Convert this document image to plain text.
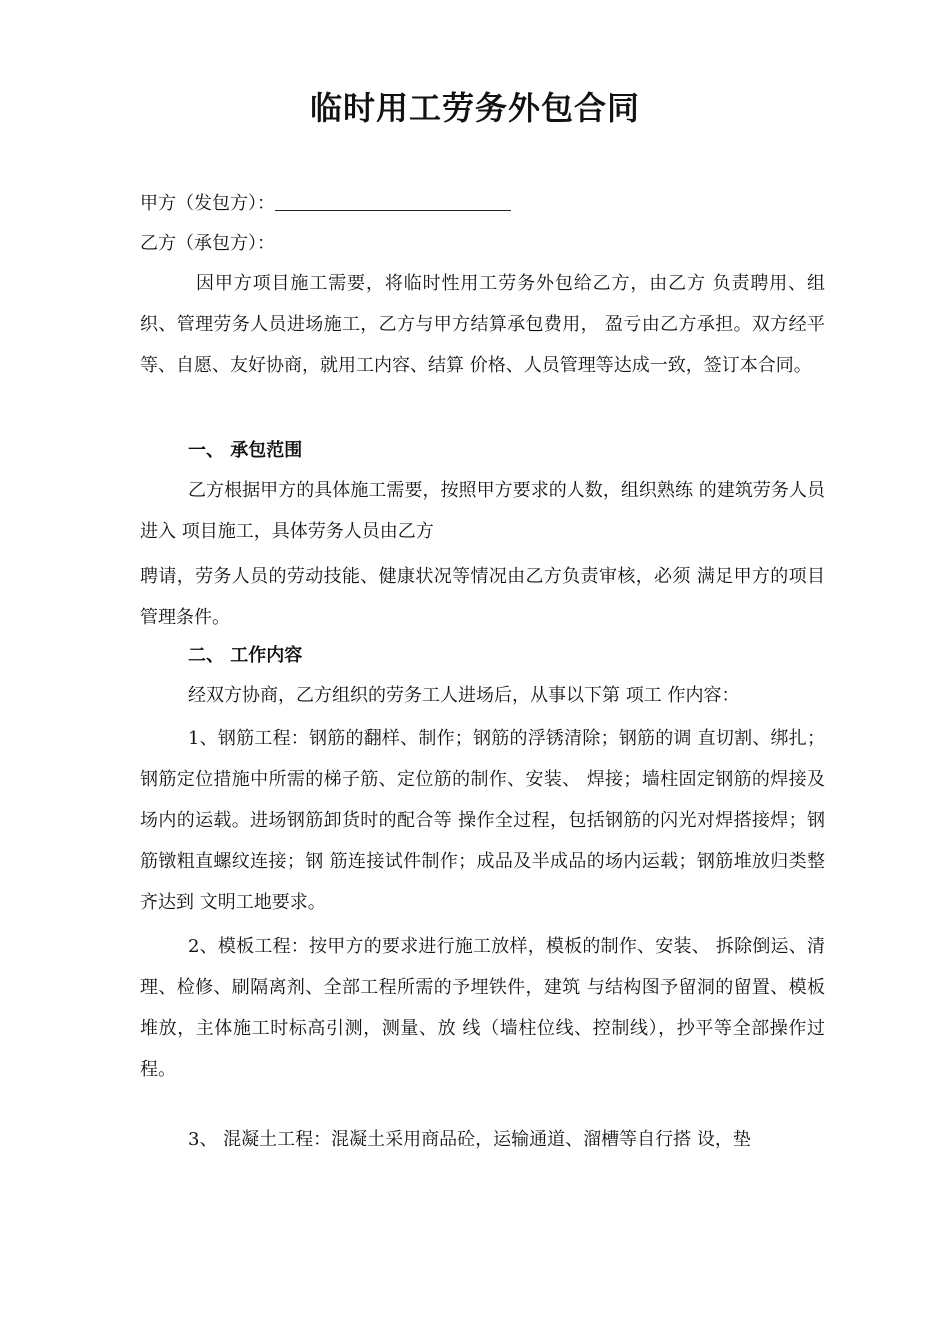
临时用工劳务外包合同
甲方（发包方）：
乙方（承包方）：

因甲方项目施工需要，将临时性用工劳务外包给乙方，由乙方 负责聘用、组织、管理劳务人员进场施工，乙方与甲方结算承包费用， 盈亏由乙方承担。双方经平等、自愿、友好协商，就用工内容、结算 价格、人员管理等达成一致，签订本合同。

一、 承包范围

乙方根据甲方的具体施工需要，按照甲方要求的人数，组织熟练 的建筑劳务人员进入 项目施工，具体劳务人员由乙方

聘请，劳务人员的劳动技能、健康状况等情况由乙方负责审核，必须 满足甲方的项目管理条件。

二、 工作内容

经双方协商，乙方组织的劳务工人进场后，从事以下第 项工 作内容：

1、钢筋工程：钢筋的翻样、制作；钢筋的浮锈清除；钢筋的调 直切割、绑扎；钢筋定位措施中所需的梯子筋、定位筋的制作、安装、 焊接；墙柱固定钢筋的焊接及场内的运载。进场钢筋卸货时的配合等 操作全过程，包括钢筋的闪光对焊搭接焊；钢筋镦粗直螺纹连接；钢 筋连接试件制作；成品及半成品的场内运载；钢筋堆放归类整齐达到 文明工地要求。

2、模板工程：按甲方的要求进行施工放样，模板的制作、安装、 拆除倒运、清理、检修、刷隔离剂、全部工程所需的予埋铁件，建筑 与结构图予留洞的留置、模板堆放，主体施工时标高引测，测量、放 线（墙柱位线、控制线），抄平等全部操作过程。

3、 混凝土工程：混凝土采用商品砼，运输通道、溜槽等自行搭 设，垫
